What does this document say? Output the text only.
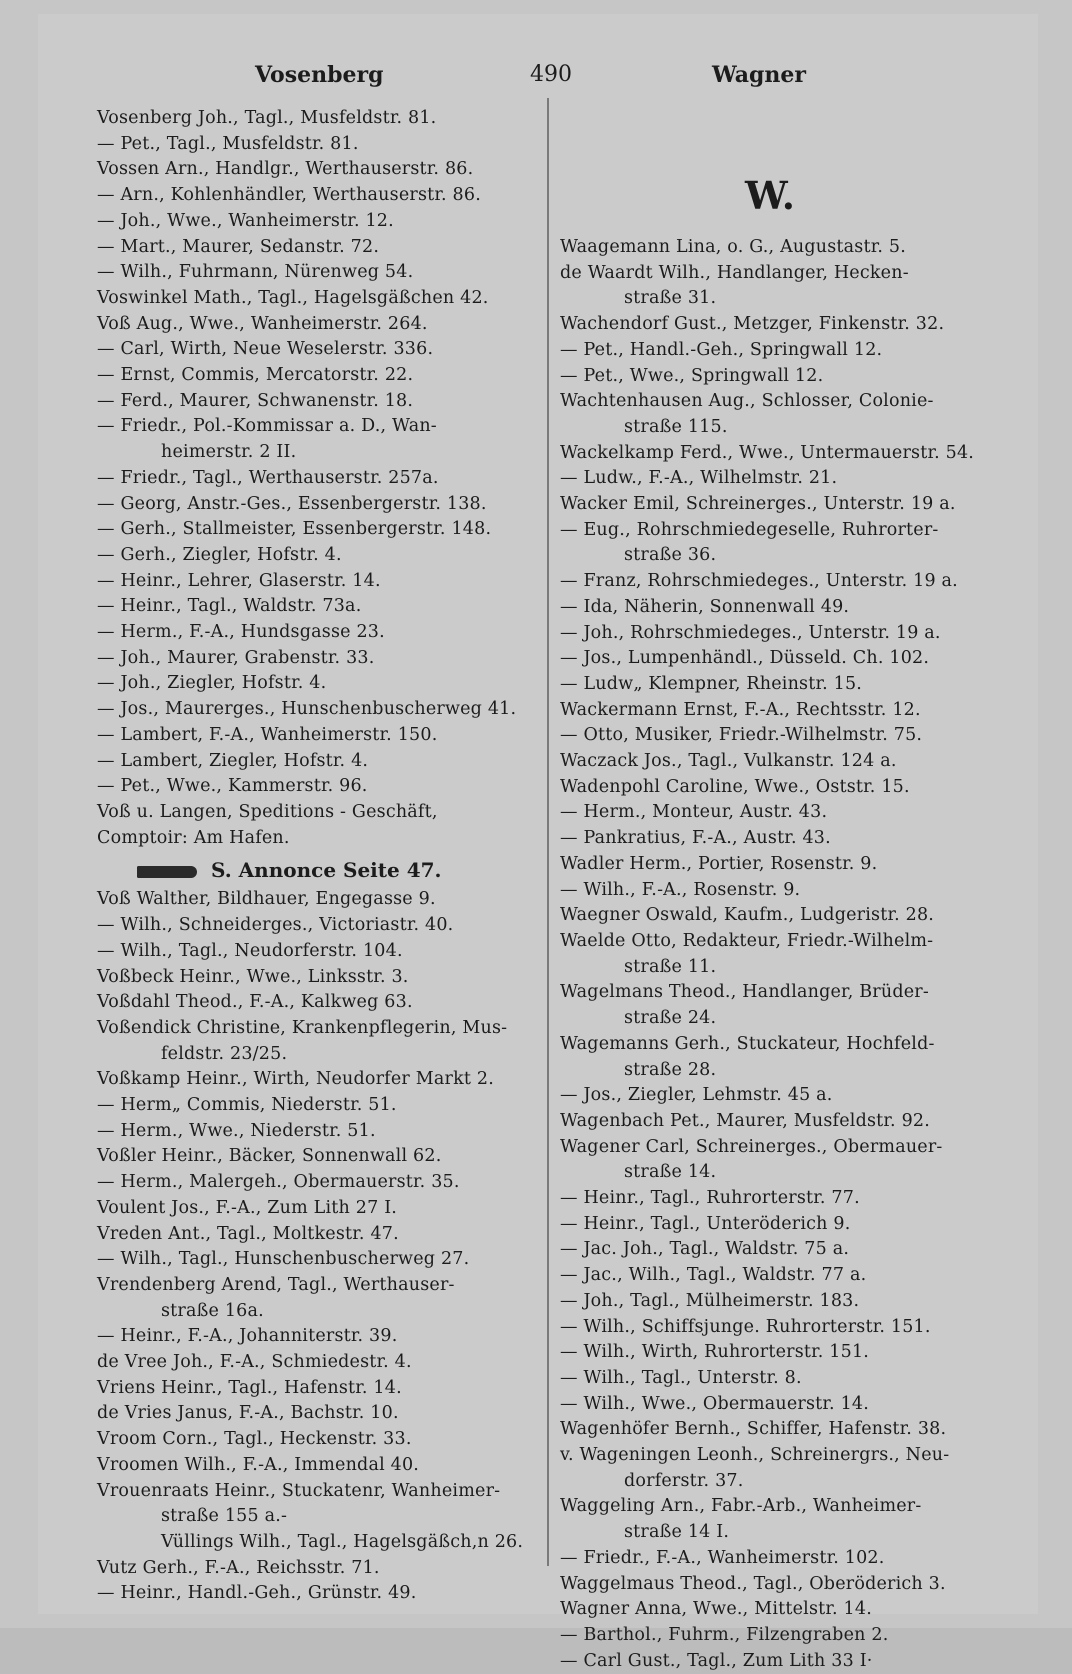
Vosenberg	490	Wagner
Vosenberg Joh., Tagl., Musfeldstr. 81.
— Pet., Tagl., Musfeldstr. 81.
Vossen Arn., Handlgr., Werthauserstr. 86.
— Arn., Kohlenhändler, Werthauserstr. 86.
— Joh., Wwe., Wanheimerstr. 12.
— Mart., Maurer, Sedanstr. 72.
— Wilh., Fuhrmann, Nürenweg 54.
Voswinkel Math., Tagl., Hagelsgäßchen 42.
Voß Aug., Wwe., Wanheimerstr. 264.
— Carl, Wirth, Neue Weselerstr. 336.
— Ernst, Commis, Mercatorstr. 22.
— Ferd., Maurer, Schwanenstr. 18.
— Friedr., Pol.-Kommissar a. D., Wan-
heimerstr. 2 II.
— Friedr., Tagl., Werthauserstr. 257a.
— Georg, Anstr.-Ges., Essenbergerstr. 138.
— Gerh., Stallmeister, Essenbergerstr. 148.
— Gerh., Ziegler, Hofstr. 4.
— Heinr., Lehrer, Glaserstr. 14.
— Heinr., Tagl., Waldstr. 73a.
— Herm., F.-A., Hundsgasse 23.
— Joh., Maurer, Grabenstr. 33.
— Joh., Ziegler, Hofstr. 4.
— Jos., Maurerges., Hunschenbuscherweg 41.
— Lambert, F.-A., Wanheimerstr. 150.
— Lambert, Ziegler, Hofstr. 4.
— Pet., Wwe., Kammerstr. 96.
Voß u. Langen, Speditions - Geschäft,
Comptoir: Am Hafen.
S. Annonce Seite 47.
Voß Walther, Bildhauer, Engegasse 9.
— Wilh., Schneiderges., Victoriastr. 40.
— Wilh., Tagl., Neudorferstr. 104.
Voßbeck Heinr., Wwe., Linksstr. 3.
Voßdahl Theod., F.-A., Kalkweg 63.
Voßendick Christine, Krankenpflegerin, Mus-
feldstr. 23/25.
Voßkamp Heinr., Wirth, Neudorfer Markt 2.
— Herm„ Commis, Niederstr. 51.
— Herm., Wwe., Niederstr. 51.
Voßler Heinr., Bäcker, Sonnenwall 62.
— Herm., Malergeh., Obermauerstr. 35.
Voulent Jos., F.-A., Zum Lith 27 I.
Vreden Ant., Tagl., Moltkestr. 47.
— Wilh., Tagl., Hunschenbuscherweg 27.
Vrendenberg Arend, Tagl., Werthauser-
straße 16a.
— Heinr., F.-A., Johanniterstr. 39.
de Vree Joh., F.-A., Schmiedestr. 4.
Vriens Heinr., Tagl., Hafenstr. 14.
de Vries Janus, F.-A., Bachstr. 10.
Vroom Corn., Tagl., Heckenstr. 33.
Vroomen Wilh., F.-A., Immendal 40.
Vrouenraats Heinr., Stuckatenr, Wanheimer-
straße 155 a.-
Vüllings Wilh., Tagl., Hagelsgäßch,n 26.
Vutz Gerh., F.-A., Reichsstr. 71.
— Heinr., Handl.-Geh., Grünstr. 49.
W.
Waagemann Lina, o. G., Augustastr. 5.
de Waardt Wilh., Handlanger, Hecken-
straße 31.
Wachendorf Gust., Metzger, Finkenstr. 32.
— Pet., Handl.-Geh., Springwall 12.
— Pet., Wwe., Springwall 12.
Wachtenhausen Aug., Schlosser, Colonie-
straße 115.
Wackelkamp Ferd., Wwe., Untermauerstr. 54.
— Ludw., F.-A., Wilhelmstr. 21.
Wacker Emil, Schreinerges., Unterstr. 19 a.
— Eug., Rohrschmiedegeselle, Ruhrorter-
straße 36.
— Franz, Rohrschmiedeges., Unterstr. 19 a.
— Ida, Näherin, Sonnenwall 49.
— Joh., Rohrschmiedeges., Unterstr. 19 a.
— Jos., Lumpenhändl., Düsseld. Ch. 102.
— Ludw„ Klempner, Rheinstr. 15.
Wackermann Ernst, F.-A., Rechtsstr. 12.
— Otto, Musiker, Friedr.-Wilhelmstr. 75.
Waczack Jos., Tagl., Vulkanstr. 124 a.
Wadenpohl Caroline, Wwe., Oststr. 15.
— Herm., Monteur, Austr. 43.
— Pankratius, F.-A., Austr. 43.
Wadler Herm., Portier, Rosenstr. 9.
— Wilh., F.-A., Rosenstr. 9.
Waegner Oswald, Kaufm., Ludgeristr. 28.
Waelde Otto, Redakteur, Friedr.-Wilhelm-
straße 11.
Wagelmans Theod., Handlanger, Brüder-
straße 24.
Wagemanns Gerh., Stuckateur, Hochfeld-
straße 28.
— Jos., Ziegler, Lehmstr. 45 a.
Wagenbach Pet., Maurer, Musfeldstr. 92.
Wagener Carl, Schreinerges., Obermauer-
straße 14.
— Heinr., Tagl., Ruhrorterstr. 77.
— Heinr., Tagl., Unteröderich 9.
— Jac. Joh., Tagl., Waldstr. 75 a.
— Jac., Wilh., Tagl., Waldstr. 77 a.
— Joh., Tagl., Mülheimerstr. 183.
— Wilh., Schiffsjunge. Ruhrorterstr. 151.
— Wilh., Wirth, Ruhrorterstr. 151.
— Wilh., Tagl., Unterstr. 8.
— Wilh., Wwe., Obermauerstr. 14.
Wagenhöfer Bernh., Schiffer, Hafenstr. 38.
v. Wageningen Leonh., Schreinergrs., Neu-
dorferstr. 37.
Waggeling Arn., Fabr.-Arb., Wanheimer-
straße 14 I.
— Friedr., F.-A., Wanheimerstr. 102.
Waggelmaus Theod., Tagl., Oberöderich 3.
Wagner Anna, Wwe., Mittelstr. 14.
— Barthol., Fuhrm., Filzengraben 2.
— Carl Gust., Tagl., Zum Lith 33 I·
